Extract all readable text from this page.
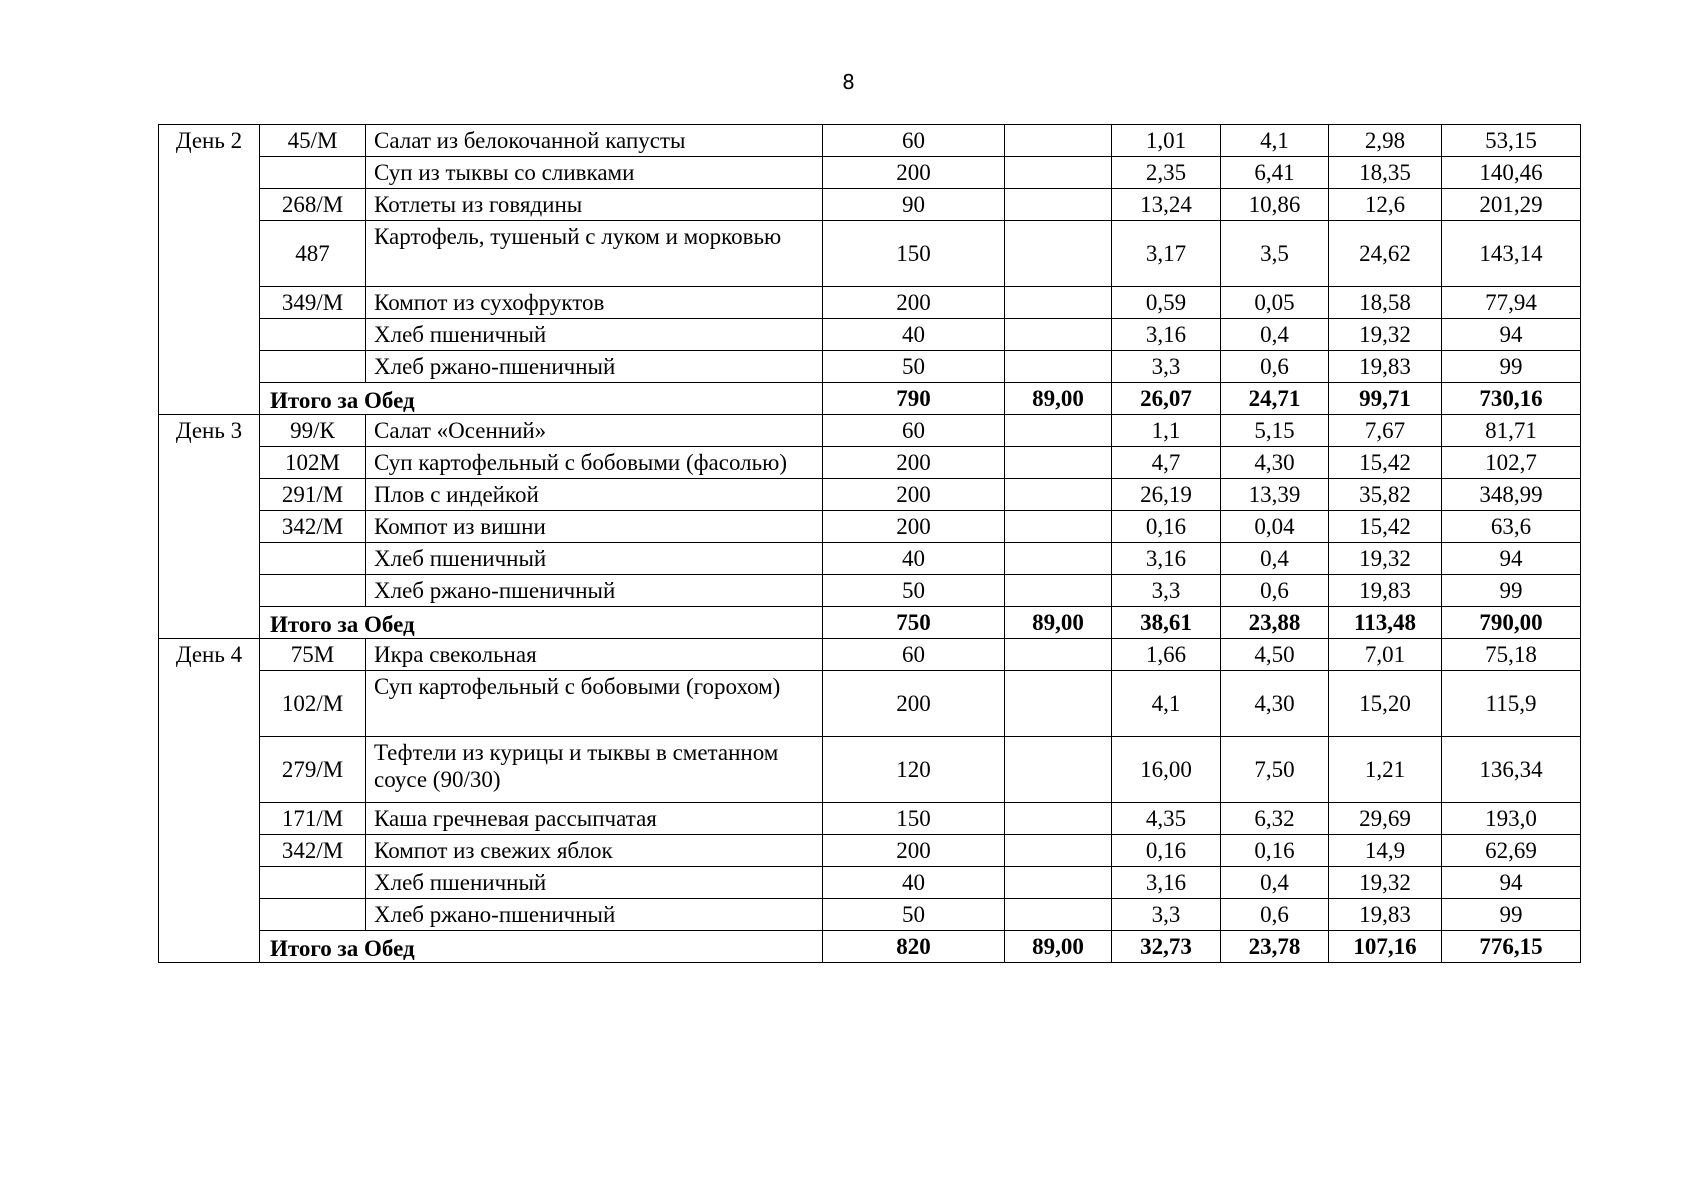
8
День 2	45/М	Салат из белокочанной капусты	60		1,01	4,1	2,98	53,15
		Суп из тыквы со сливками	200		2,35	6,41	18,35	140,46
	268/М	Котлеты из говядины	90		13,24	10,86	12,6	201,29
	487	Картофель, тушеный с луком и морковью	150		3,17	3,5	24,62	143,14
	349/М	Компот из сухофруктов	200		0,59	0,05	18,58	77,94
		Хлеб пшеничный	40		3,16	0,4	19,32	94
		Хлеб ржано-пшеничный	50		3,3	0,6	19,83	99
	Итого за Обед		790	89,00	26,07	24,71	99,71	730,16
День 3	99/К	Салат «Осенний»	60		1,1	5,15	7,67	81,71
	102М	Суп картофельный с бобовыми (фасолью)	200		4,7	4,30	15,42	102,7
	291/М	Плов с индейкой	200		26,19	13,39	35,82	348,99
	342/М	Компот из вишни	200		0,16	0,04	15,42	63,6
		Хлеб пшеничный	40		3,16	0,4	19,32	94
		Хлеб ржано-пшеничный	50		3,3	0,6	19,83	99
	Итого за Обед		750	89,00	38,61	23,88	113,48	790,00
День 4	75М	Икра свекольная	60		1,66	4,50	7,01	75,18
	102/М	Суп картофельный с бобовыми (горохом)	200		4,1	4,30	15,20	115,9
	279/М	Тефтели из курицы и тыквы в сметанном соусе (90/30)	120		16,00	7,50	1,21	136,34
	171/М	Каша гречневая рассыпчатая	150		4,35	6,32	29,69	193,0
	342/М	Компот из свежих яблок	200		0,16	0,16	14,9	62,69
		Хлеб пшеничный	40		3,16	0,4	19,32	94
		Хлеб ржано-пшеничный	50		3,3	0,6	19,83	99
	Итого за Обед		820	89,00	32,73	23,78	107,16	776,15
